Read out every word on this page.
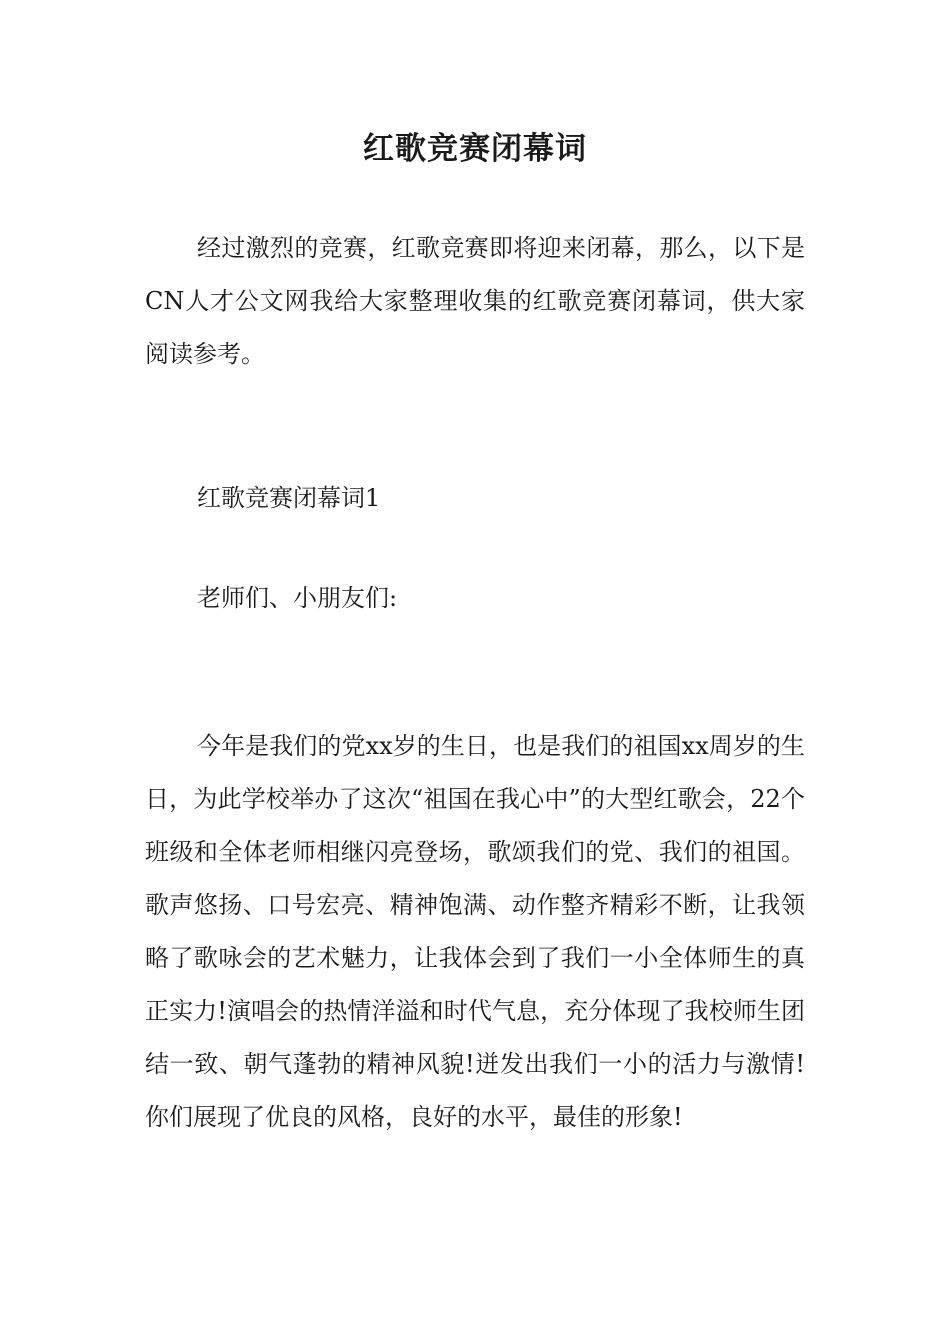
红歌竞赛闭幕词

经过激烈的竞赛，红歌竞赛即将迎来闭幕，那么，以下是CN人才公文网我给大家整理收集的红歌竞赛闭幕词，供大家阅读参考。

红歌竞赛闭幕词1

老师们、小朋友们:

今年是我们的党xx岁的生日，也是我们的祖国xx周岁的生日，为此学校举办了这次“祖国在我心中”的大型红歌会，22个班级和全体老师相继闪亮登场，歌颂我们的党、我们的祖国。歌声悠扬、口号宏亮、精神饱满、动作整齐精彩不断，让我领略了歌咏会的艺术魅力，让我体会到了我们一小全体师生的真正实力!演唱会的热情洋溢和时代气息，充分体现了我校师生团结一致、朝气蓬勃的精神风貌!迸发出我们一小的活力与激情!你们展现了优良的风格，良好的水平，最佳的形象!
